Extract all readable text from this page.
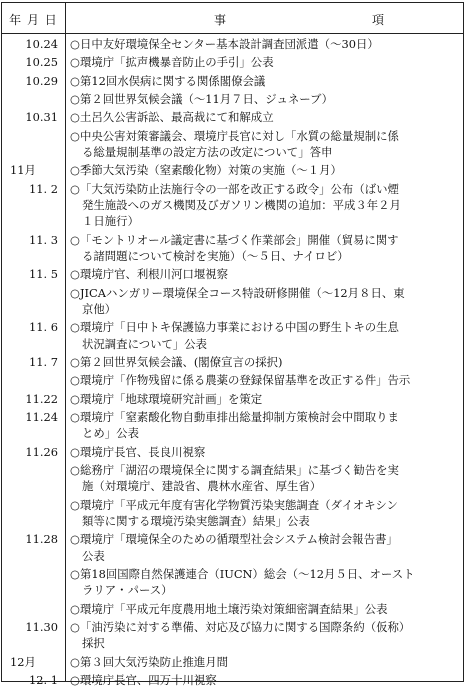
年 月 日	事	項
10.24 ○日中友好環境保全センター基本設計調査団派遣（～30日）
10.25 ○環境庁「拡声機暴音防止の手引」公表
10.29 ○第12回水俣病に関する関係閣僚会議
○第２回世界気候会議（～11月７日、ジュネーブ）
10.31 ○土呂久公害訴訟、最高裁にて和解成立
○中央公害対策審議会、環境庁長官に対し「水質の総量規制に係
る総量規制基準の設定方法の改定について」答申
11月	○季節大気汚染（窒素酸化物）対策の実施（～１月）
11. 2 ○「大気汚染防止法施行令の一部を改正する政令」公布（ばい煙
発生施設へのガス機関及びガソリン機関の追加：平成３年２月
１日施行）
11. 3 ○「モントリオール議定書に基づく作業部会」開催（貿易に関す
る諸問題について検討を実施）（～５日、ナイロビ）
11. 5 ○環境庁官、利根川河口堰視察
○JICAハンガリー環境保全コース特設研修開催（～12月８日、東
京他）
11. 6 ○環境庁「日中トキ保護協力事業における中国の野生トキの生息
状況調査について」公表
11. 7 ○第２回世界気候会議、(閣僚宣言の採択)
○環境庁「作物残留に係る農薬の登録保留基準を改正する件」告示
11.22 ○環境庁「地球環境研究計画」を策定
11.24 ○環境庁「窒素酸化物自動車排出総量抑制方策検討会中間取りま
とめ」公表
11.26 ○環境庁長官、長良川視察
○総務庁「湖沼の環境保全に関する調査結果」に基づく勧告を実
施（対環境庁、建設省、農林水産省、厚生省）
○環境庁「平成元年度有害化学物質汚染実態調査（ダイオキシン
類等に関する環境汚染実態調査）結果」公表
11.28 ○環境庁「環境保全のための循環型社会システム検討会報告書」
公表
○第18回国際自然保護連合（IUCN）総会（～12月５日、オースト
ラリア・パース）
○環境庁「平成元年度農用地土壌汚染対策細密調査結果」公表
11.30 ○「油汚染に対する準備、対応及び協力に関する国際条約（仮称）
採択
12月	○第３回大気汚染防止推進月間
12. 1 ○環境庁長官、四万十川視察
